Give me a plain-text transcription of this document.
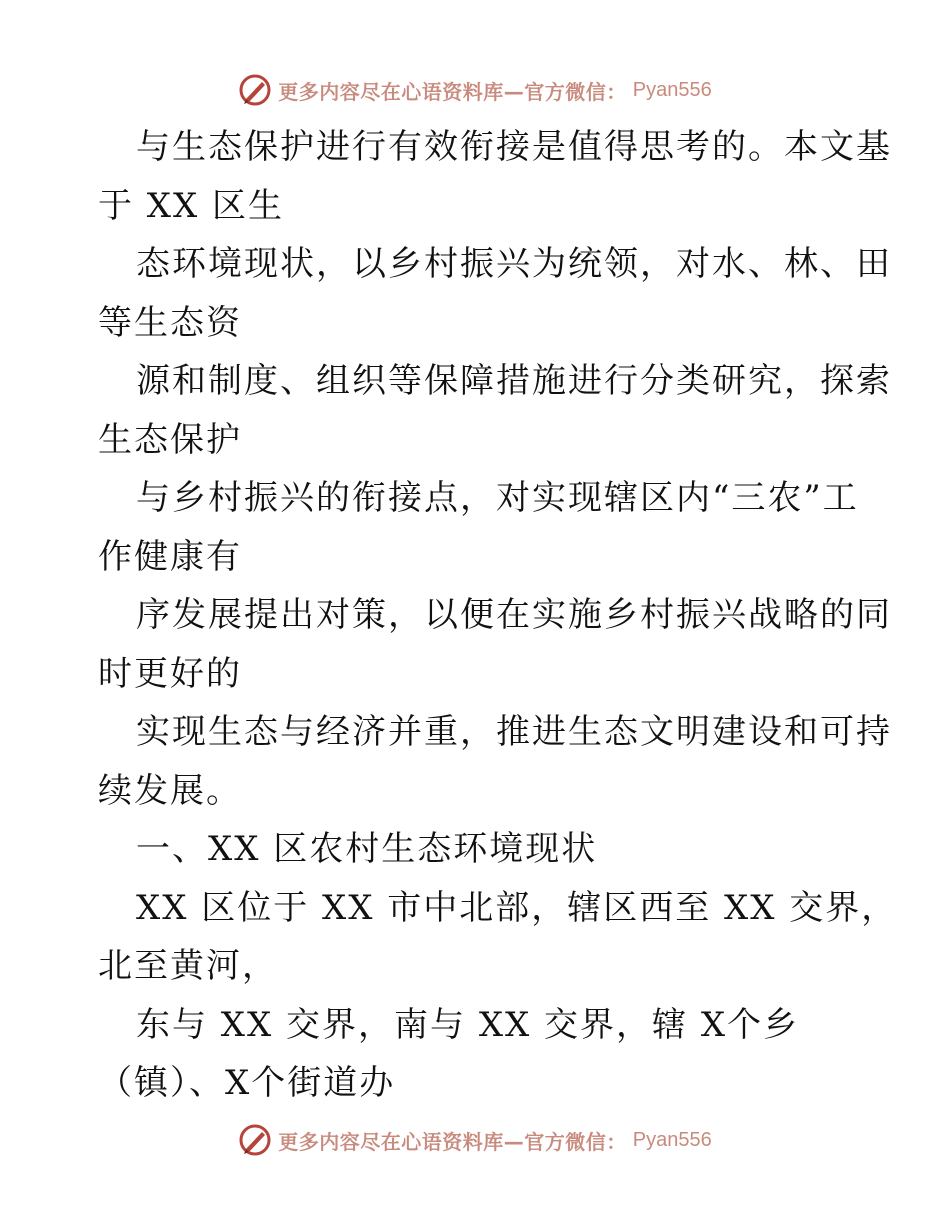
更多内容尽在心语资料库—官方微信： Pyan556
与生态保护进行有效衔接是值得思考的。本文基
于 XX 区生
态环境现状，以乡村振兴为统领，对水、林、田
等生态资
源和制度、组织等保障措施进行分类研究，探索
生态保护
与乡村振兴的衔接点，对实现辖区内“三农”工
作健康有
序发展提出对策，以便在实施乡村振兴战略的同
时更好的
实现生态与经济并重，推进生态文明建设和可持
续发展。
一、XX 区农村生态环境现状
XX 区位于 XX 市中北部，辖区西至 XX 交界，
北至黄河，
东与 XX 交界，南与 XX 交界，辖 X个乡
（镇）、X个街道办
更多内容尽在心语资料库—官方微信： Pyan556
